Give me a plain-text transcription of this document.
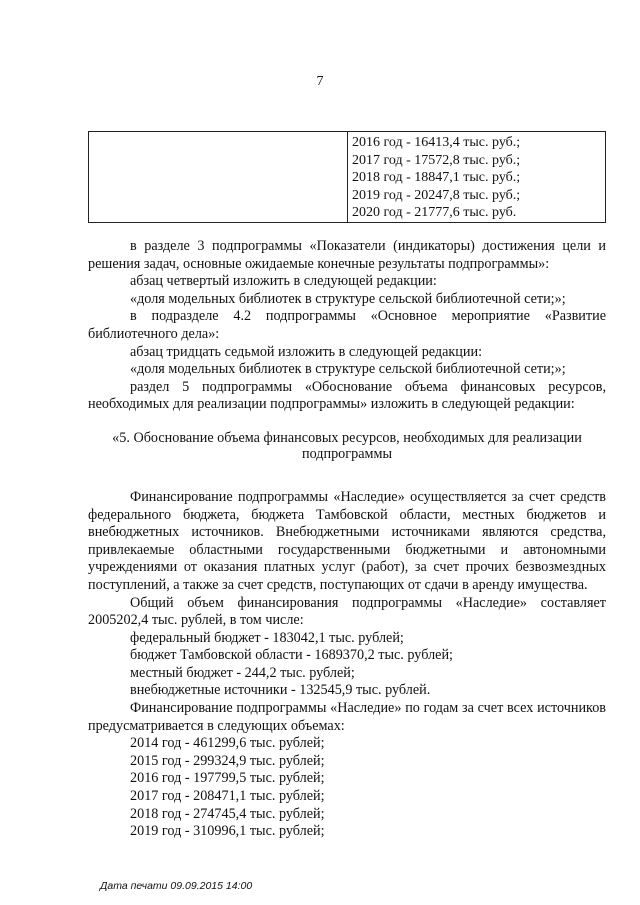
7

2016 год - 16413,4 тыс. руб.;
2017 год - 17572,8 тыс. руб.;
2018 год - 18847,1 тыс. руб.;
2019 год - 20247,8 тыс. руб.;
2020 год - 21777,6 тыс. руб.

в разделе 3 подпрограммы «Показатели (индикаторы) достижения цели и решения задач, основные ожидаемые конечные результаты подпрограммы»:

абзац четвертый изложить в следующей редакции:

«доля модельных библиотек в структуре сельской библиотечной сети;»;

в подразделе 4.2 подпрограммы «Основное мероприятие «Развитие библиотечного дела»:

абзац тридцать седьмой изложить в следующей редакции:

«доля модельных библиотек в структуре сельской библиотечной сети;»;

раздел 5 подпрограммы «Обоснование объема финансовых ресурсов, необходимых для реализации подпрограммы» изложить в следующей редакции:

«5. Обоснование объема финансовых ресурсов, необходимых для реализации подпрограммы

Финансирование подпрограммы «Наследие» осуществляется за счет средств федерального бюджета, бюджета Тамбовской области, местных бюджетов и внебюджетных источников. Внебюджетными источниками являются средства, привлекаемые областными государственными бюджетными и автономными учреждениями от оказания платных услуг (работ), за счет прочих безвозмездных поступлений, а также за счет средств, поступающих от сдачи в аренду имущества.

Общий объем финансирования подпрограммы «Наследие» составляет 2005202,4 тыс. рублей, в том числе:

федеральный бюджет - 183042,1 тыс. рублей;

бюджет Тамбовской области - 1689370,2 тыс. рублей;

местный бюджет - 244,2 тыс. рублей;

внебюджетные источники - 132545,9 тыс. рублей.

Финансирование подпрограммы «Наследие» по годам за счет всех источников предусматривается в следующих объемах:

2014 год - 461299,6 тыс. рублей;

2015 год - 299324,9 тыс. рублей;

2016 год - 197799,5 тыс. рублей;

2017 год - 208471,1 тыс. рублей;

2018 год - 274745,4 тыс. рублей;

2019 год - 310996,1 тыс. рублей;

Дата печати 09.09.2015 14:00
